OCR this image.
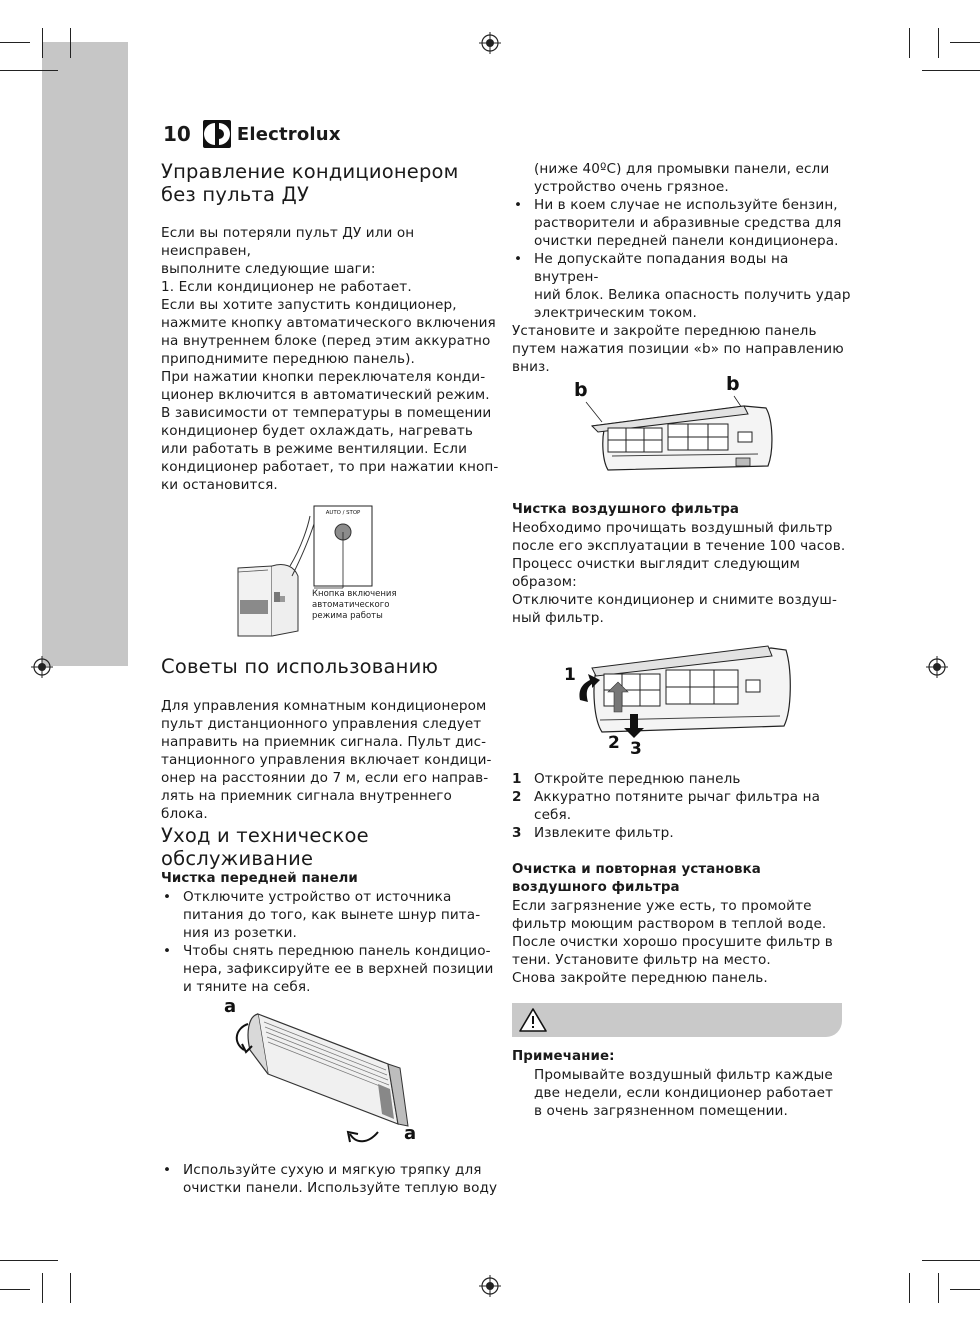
10	Electrolux
Управление кондиционером без пульта ДУ

Если вы потеряли пульт ДУ или он неисправен,

выполните следующие шаги:

1. Если кондиционер не работает.

Если вы хотите запустить кондиционер,

нажмите кнопку автоматического включения

на внутреннем блоке (перед этим аккуратно

приподнимите переднюю панель).

При нажатии кнопки переключателя конди-

ционер включится в автоматический режим.

В зависимости от температуры в помещении

кондиционер будет охлаждать, нагревать

или работать в режиме вентиляции. Если

кондиционер работает, то при нажатии кноп-

ки остановится.

AUTO / STOP
Кнопка включения
автоматического
режима работы
Советы по использованию

Для управления комнатным кондиционером

пульт дистанционного управления следует

направить на приемник сигнала. Пульт дис-

танционного управления включает кондици-

онер на расстоянии до 7 м, если его направ-

лять на приемник сигнала внутреннего блока.

Уход и техническое обслуживание
Чистка передней панели
• Отключите устройство от источника
питания до того, как вынете шнур пита-
ния из розетки.
• Чтобы снять переднюю панель кондицио-
нера, зафиксируйте ее в верхней позиции
и тяните на себя.
a
a
• Используйте сухую и мягкую тряпку для
очистки панели. Используйте теплую воду
(ниже 40ºC) для промывки панели, если
устройство очень грязное.
• Ни в коем случае не используйте бензин,
растворители и абразивные средства для
очистки передней панели кондиционера.
• Не допускайте попадания воды на внутрен-
ний блок. Велика опасность получить удар
электрическим током.
Установите и закройте переднюю панель
путем нажатия позиции «b» по направлению
вниз.
b	b
Чистка воздушного фильтра
Необходимо прочищать воздушный фильтр
после его эксплуатации в течение 100 часов.
Процесс очистки выглядит следующим
образом:
Отключите кондиционер и снимите воздуш-
ный фильтр.
1
2 3
1 Откройте переднюю панель
2 Аккуратно потяните рычаг фильтра на
себя.
3 Извлеките фильтр.
Очистка и повторная установка
воздушного фильтра
Если загрязнение уже есть, то промойте
фильтр моющим раствором в теплой воде.
После очистки хорошо просушите фильтр в
тени. Установите фильтр на место.
Снова закройте переднюю панель.
Примечание:
Промывайте воздушный фильтр каждые
две недели, если кондиционер работает
в очень загрязненном помещении.
